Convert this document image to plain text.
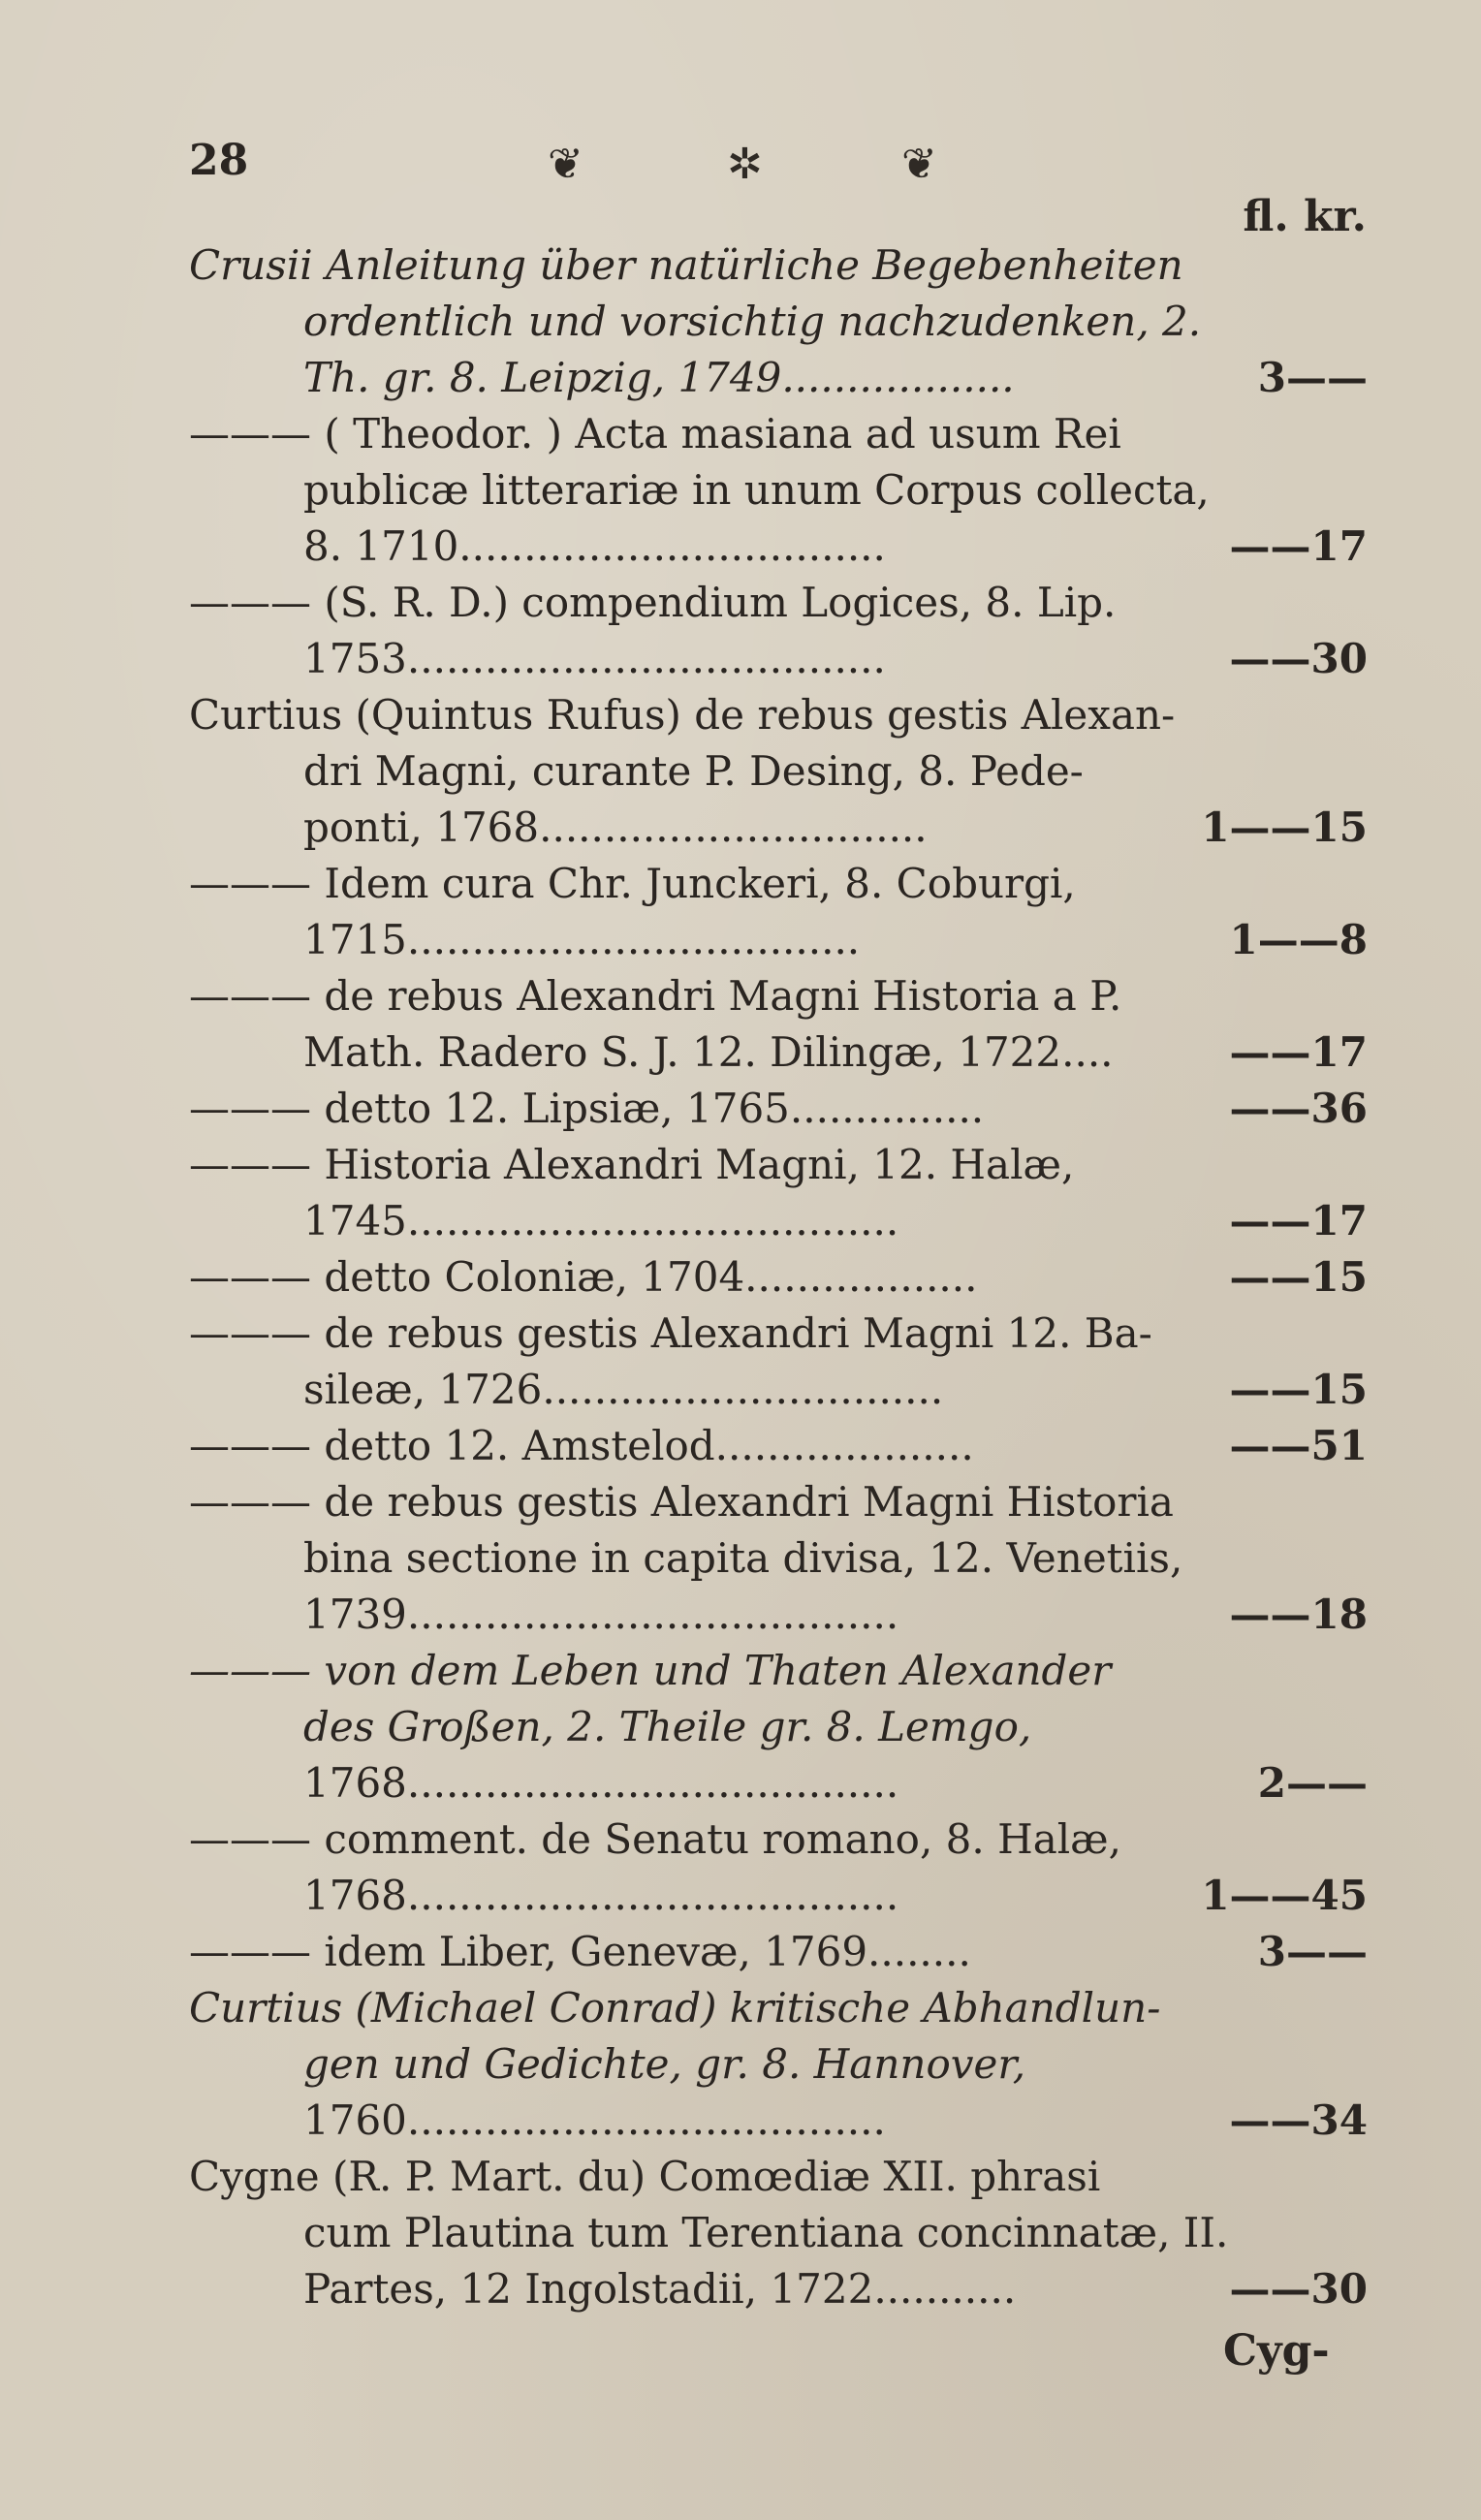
28	❦	✲	❦
fl. kr.
Crusii Anleitung über natürliche Begebenheiten
ordentlich und vorsichtig nachzudenken, 2.
Th. gr. 8. Leipzig, 1749..................	3——
——— ( Theodor. ) Acta masiana ad usum Rei
publicæ litterariæ in unum Corpus collecta,
8. 1710.................................	——17
——— (S. R. D.) compendium Logices, 8. Lip.
1753.....................................	——30
Curtius (Quintus Rufus) de rebus gestis Alexan-
dri Magni, curante P. Desing, 8. Pede-
ponti, 1768..............................	1——15
——— Idem cura Chr. Junckeri, 8. Coburgi,
1715...................................	1——8
——— de rebus Alexandri Magni Historia a P.
Math. Radero S. J. 12. Dilingæ, 1722....	——17
——— detto 12. Lipsiæ, 1765...............	——36
——— Historia Alexandri Magni, 12. Halæ,
1745......................................	——17
——— detto Coloniæ, 1704..................	——15
——— de rebus gestis Alexandri Magni 12. Ba-
sileæ, 1726...............................	——15
——— detto 12. Amstelod....................	——51
——— de rebus gestis Alexandri Magni Historia
bina sectione in capita divisa, 12. Venetiis,
1739......................................	——18
——— von dem Leben und Thaten Alexander
des Großen, 2. Theile gr. 8. Lemgo,
1768......................................	2——
——— comment. de Senatu romano, 8. Halæ,
1768......................................	1——45
——— idem Liber, Genevæ, 1769........	3——
Curtius (Michael Conrad) kritische Abhandlun-
gen und Gedichte, gr. 8. Hannover,
1760.....................................	——34
Cygne (R. P. Mart. du) Comœdiæ XII. phrasi
cum Plautina tum Terentiana concinnatæ, II.
Partes, 12 Ingolstadii, 1722...........	——30
Cyg-
